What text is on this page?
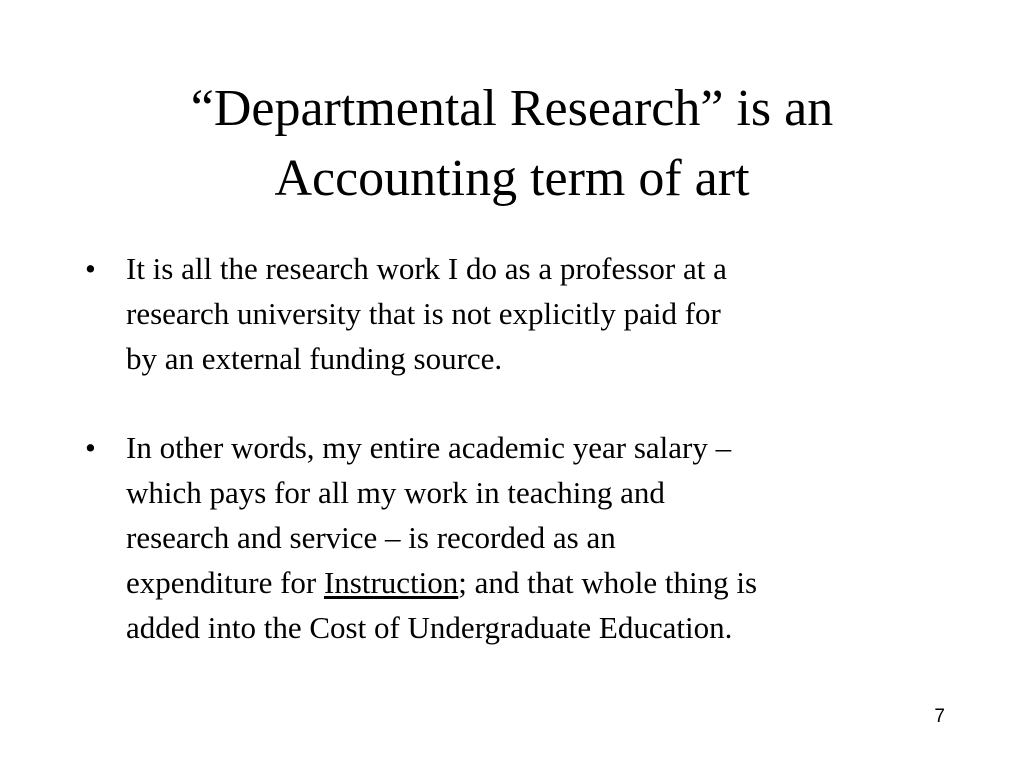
“Departmental Research” is an
Accounting term of art
• It is all the research work I do as a professor at a
research university that is not explicitly paid for
by an external funding source.
• In other words, my entire academic year salary –
which pays for all my work in teaching and
research and service – is recorded as an
expenditure for Instruction; and that whole thing is
added into the Cost of Undergraduate Education.
7
